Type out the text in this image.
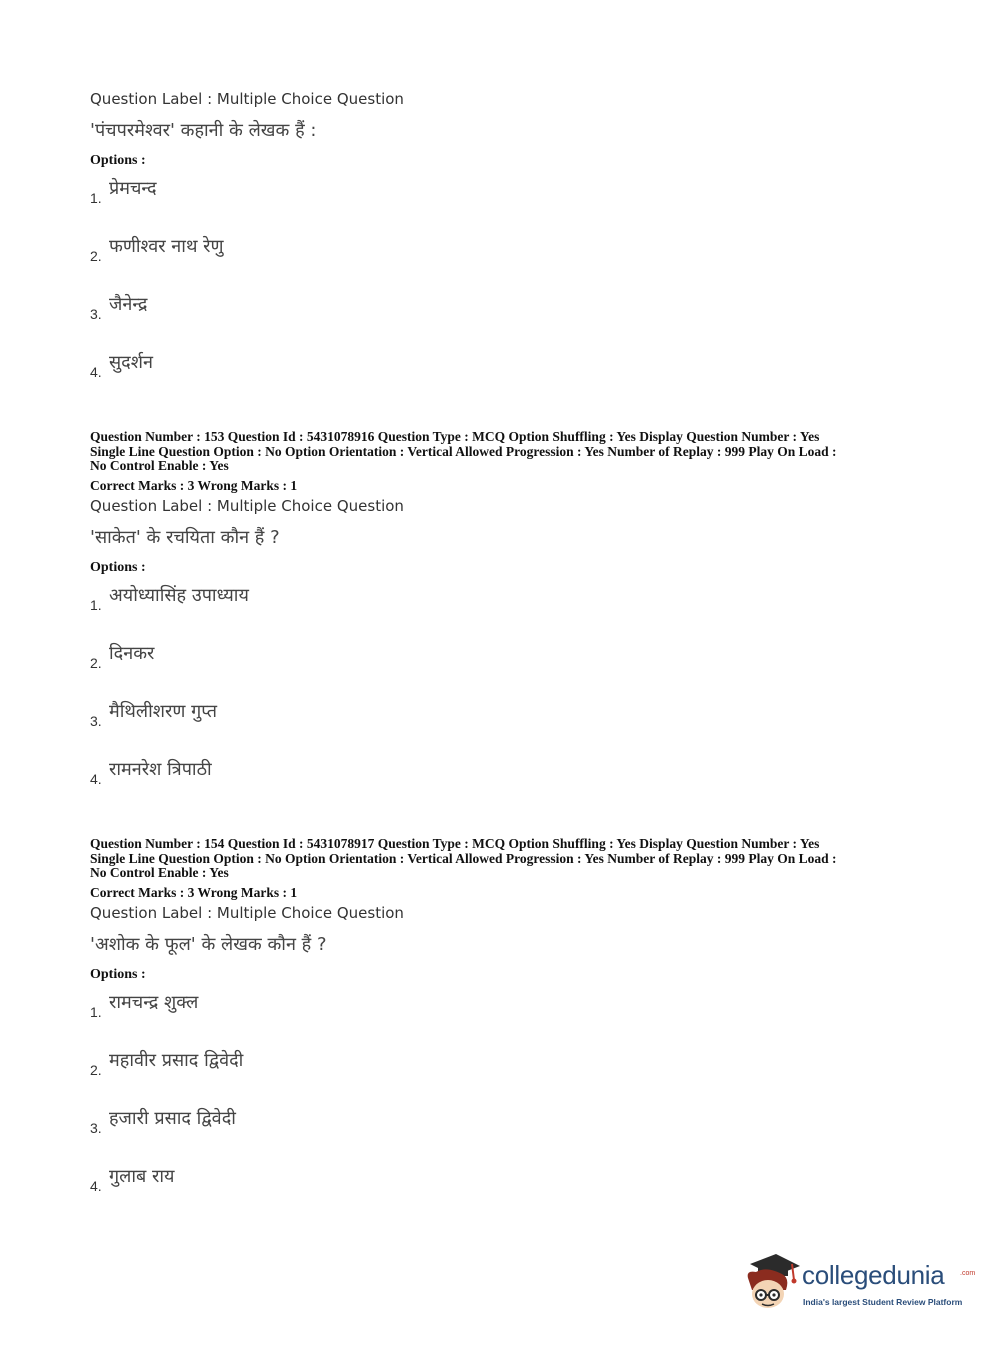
Question Label : Multiple Choice Question
'पंचपरमेश्वर' कहानी के लेखक हैं :
Options :
1. प्रेमचन्द
2. फणीश्वर नाथ रेणु
3. जैनेन्द्र
4. सुदर्शन
Question Number : 153 Question Id : 5431078916 Question Type : MCQ Option Shuffling : Yes Display Question Number : Yes
Single Line Question Option : No Option Orientation : Vertical Allowed Progression : Yes Number of Replay : 999 Play On Load :
No Control Enable : Yes
Correct Marks : 3 Wrong Marks : 1
Question Label : Multiple Choice Question
'साकेत' के रचयिता कौन हैं ?
Options :
1. अयोध्यासिंह उपाध्याय
2. दिनकर
3. मैथिलीशरण गुप्त
4. रामनरेश त्रिपाठी
Question Number : 154 Question Id : 5431078917 Question Type : MCQ Option Shuffling : Yes Display Question Number : Yes
Single Line Question Option : No Option Orientation : Vertical Allowed Progression : Yes Number of Replay : 999 Play On Load :
No Control Enable : Yes
Correct Marks : 3 Wrong Marks : 1
Question Label : Multiple Choice Question
'अशोक के फूल' के लेखक कौन हैं ?
Options :
1. रामचन्द्र शुक्ल
2. महावीर प्रसाद द्विवेदी
3. हजारी प्रसाद द्विवेदी
4. गुलाब राय
collegedunia .com
India's largest Student Review Platform
